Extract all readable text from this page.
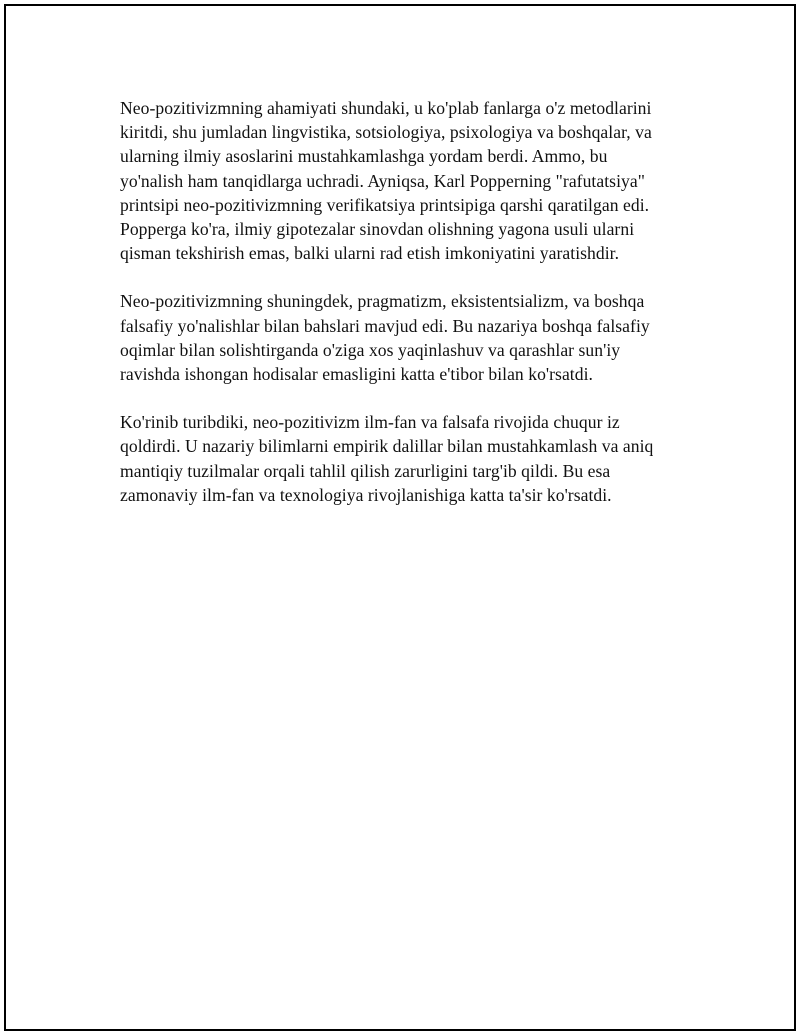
Neo-pozitivizmning ahamiyati shundaki, u ko'plab fanlarga o'z metodlarini
kiritdi, shu jumladan lingvistika, sotsiologiya, psixologiya va boshqalar, va
ularning ilmiy asoslarini mustahkamlashga yordam berdi. Ammo, bu
yo'nalish ham tanqidlarga uchradi. Ayniqsa, Karl Popperning "rafutatsiya"
printsipi neo-pozitivizmning verifikatsiya printsipiga qarshi qaratilgan edi.
Popperga ko'ra, ilmiy gipotezalar sinovdan olishning yagona usuli ularni
qisman tekshirish emas, balki ularni rad etish imkoniyatini yaratishdir.

Neo-pozitivizmning shuningdek, pragmatizm, eksistentsializm, va boshqa
falsafiy yo'nalishlar bilan bahslari mavjud edi. Bu nazariya boshqa falsafiy
oqimlar bilan solishtirganda o'ziga xos yaqinlashuv va qarashlar sun'iy
ravishda ishongan hodisalar emasligini katta e'tibor bilan ko'rsatdi.

Ko'rinib turibdiki, neo-pozitivizm ilm-fan va falsafa rivojida chuqur iz
qoldirdi. U nazariy bilimlarni empirik dalillar bilan mustahkamlash va aniq
mantiqiy tuzilmalar orqali tahlil qilish zarurligini targ'ib qildi. Bu esa
zamonaviy ilm-fan va texnologiya rivojlanishiga katta ta'sir ko'rsatdi.
